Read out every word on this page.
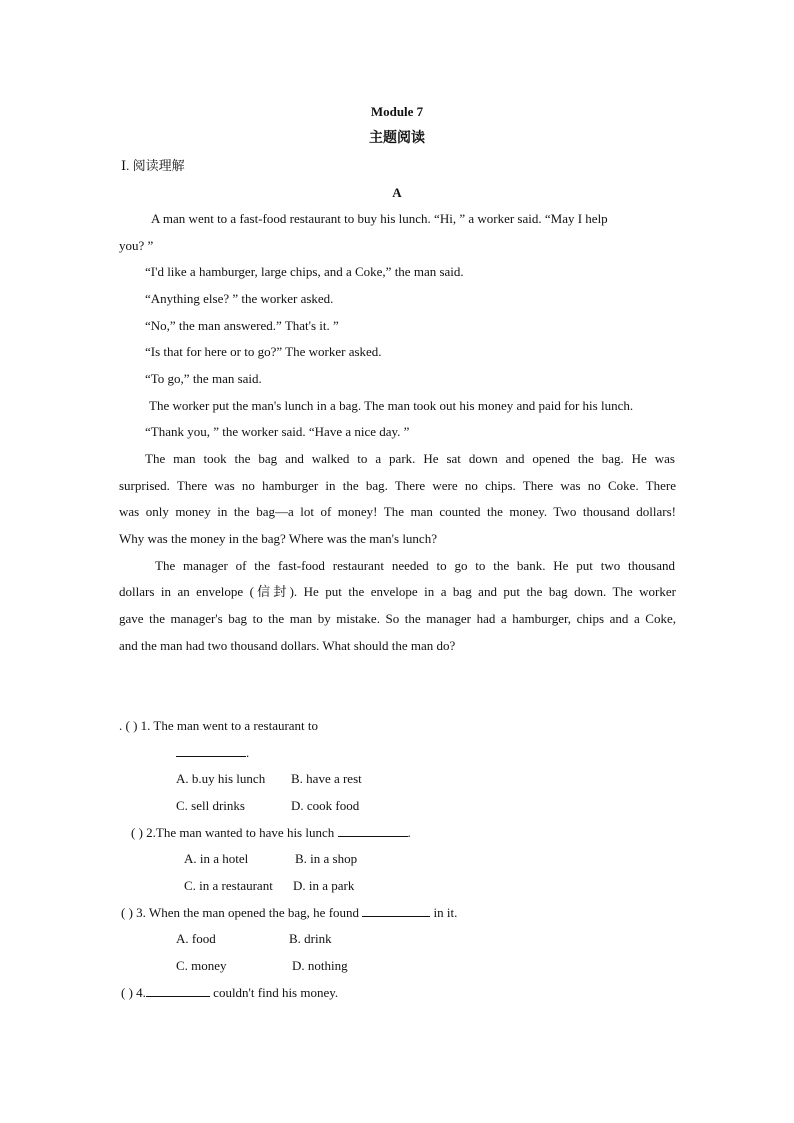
Module 7
主题阅读
Ⅰ. 阅读理解
A
A man went to a fast-food restaurant to buy his lunch. “Hi, ” a worker said. “May I help
you? ”
“I'd like a hamburger, large chips, and a Coke,” the man said.
“Anything else? ” the worker asked.
“No,” the man answered.” That's it. ”
“Is that for here or to go?” The worker asked.
“To go,” the man said.
The worker put the man's lunch in a bag. The man took out his money and paid for his lunch.
“Thank you, ” the worker said. “Have a nice day. ”
The man took the bag and walked to a park. He sat down and opened the bag. He was
surprised. There was no hamburger in the bag. There were no chips. There was no Coke. There
was only money in the bag—a lot of money! The man counted the money. Two thousand dollars!
Why was the money in the bag? Where was the man's lunch?
The manager of the fast-food restaurant needed to go to the bank. He put two thousand
dollars in an envelope (信封). He put the envelope in a bag and put the bag down. The worker
gave the manager's bag to the man by mistake. So the manager had a hamburger, chips and a Coke,
and the man had two thousand dollars. What should the man do?
. ( ) 1. The man went to a restaurant to
.
A. b.uy his lunch B. have a rest
C. sell drinks	D. cook food
( ) 2.The man wanted to have his lunch	.
A. in a hotel	B. in a shop
C. in a restaurant D. in a park
( ) 3. When the man opened the bag, he found	in it.
A. food	B. drink
C. money	D. nothing
( ) 4.	couldn't find his money.
